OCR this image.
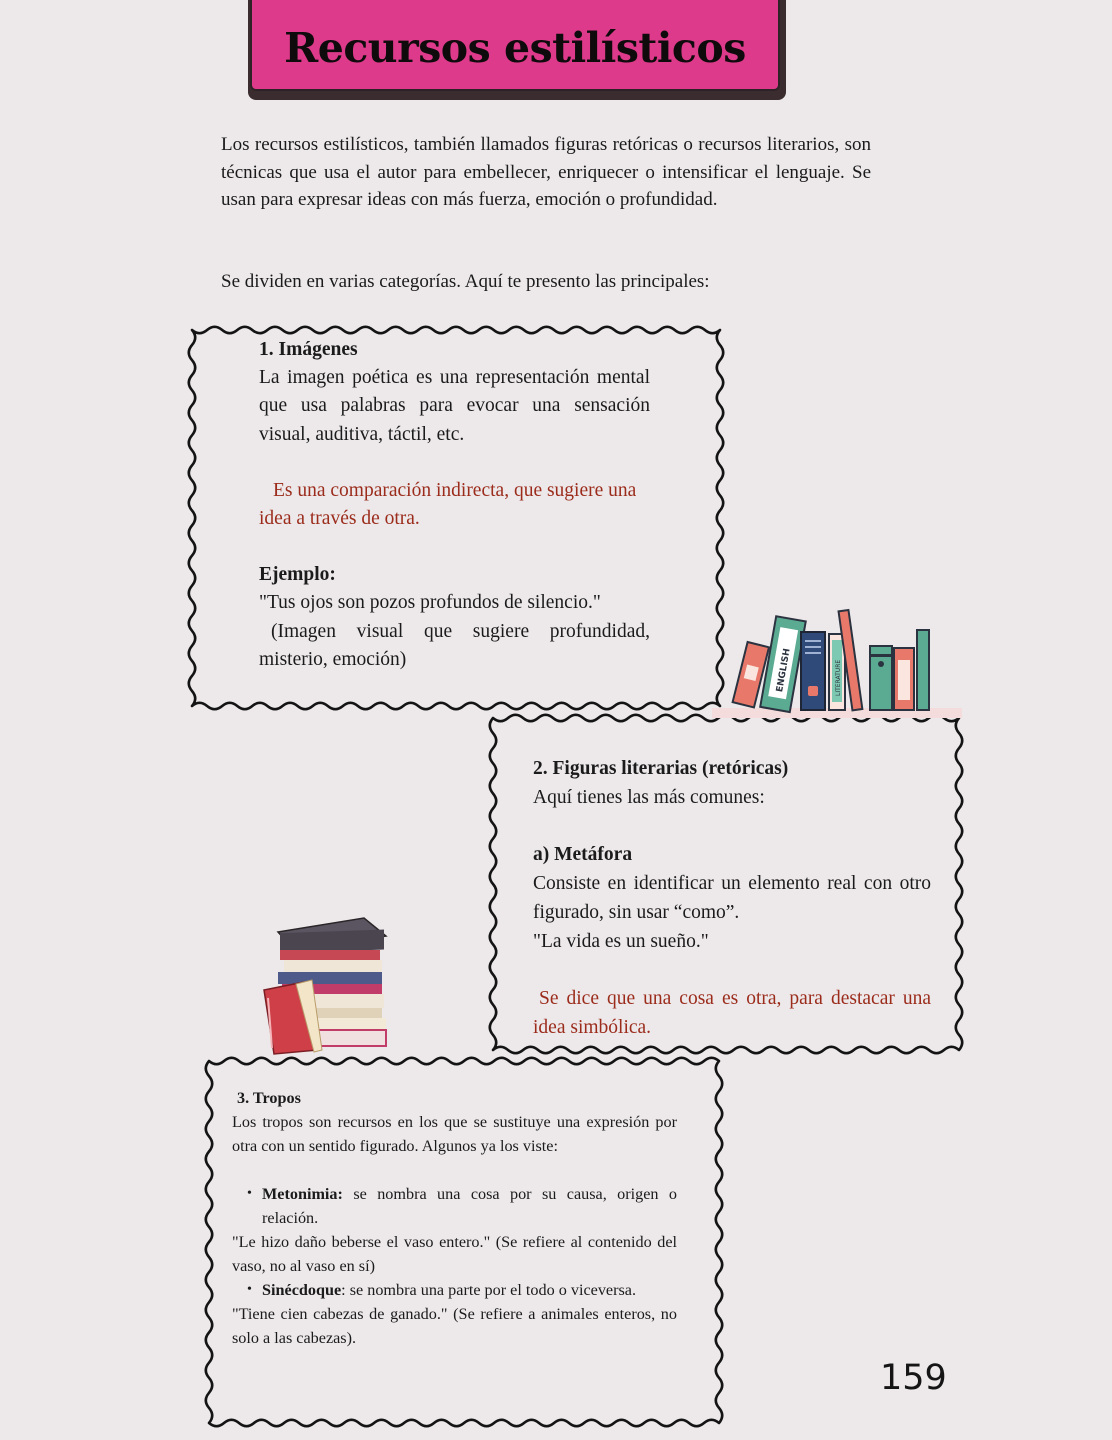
Recursos estilísticos

Los recursos estilísticos, también llamados figuras retóricas o recursos literarios, son técnicas que usa el autor para embellecer, enriquecer o intensificar el lenguaje. Se usan para expresar ideas con más fuerza, emoción o profundidad.

Se dividen en varias categorías. Aquí te presento las principales:

1. Imágenes

La imagen poética es una representación mental que usa palabras para evocar una sensación visual, auditiva, táctil, etc.

Es una comparación indirecta, que sugiere una idea a través de otra.

Ejemplo:

"Tus ojos son pozos profundos de silencio."

(Imagen visual que sugiere profundidad, misterio, emoción)

2. Figuras literarias (retóricas)

Aquí tienes las más comunes:

a) Metáfora

Consiste en identificar un elemento real con otro figurado, sin usar “como”.

"La vida es un sueño."

Se dice que una cosa es otra, para destacar una idea simbólica.

3. Tropos

Los tropos son recursos en los que se sustituye una expresión por otra con un sentido figurado. Algunos ya los viste:

• Metonimia: se nombra una cosa por su causa, origen o relación.

"Le hizo daño beberse el vaso entero." (Se refiere al contenido del vaso, no al vaso en sí)

• Sinécdoque: se nombra una parte por el todo o viceversa.

"Tiene cien cabezas de ganado." (Se refiere a animales enteros, no solo a las cabezas).

ENGLISH	LITERATURE
159
